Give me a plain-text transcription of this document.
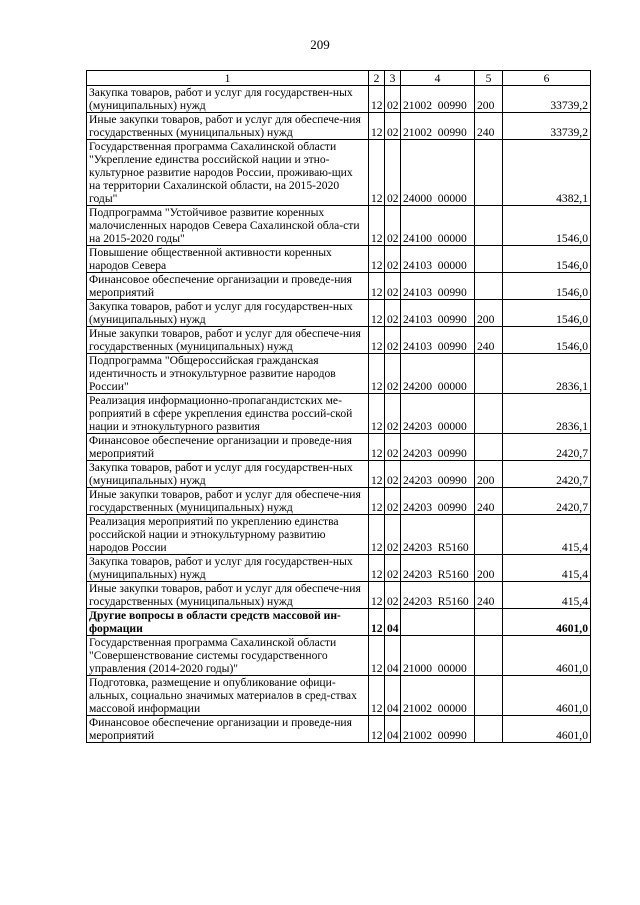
209
1	2	3	4	5	6
Закупка товаров, работ и услуг для государствен-ных (муниципальных) нужд	12	02	21002  00990	200	33739,2
Иные закупки товаров, работ и услуг для обеспече-ния государственных (муниципальных) нужд	12	02	21002  00990	240	33739,2
Государственная программа Сахалинской области "Укрепление единства российской нации и этно-культурное развитие народов России, проживаю-щих на территории Сахалинской области, на 2015-2020 годы"	12	02	24000  00000		4382,1
Подпрограмма "Устойчивое развитие коренных малочисленных народов Севера Сахалинской обла-сти на 2015-2020 годы"	12	02	24100  00000		1546,0
Повышение общественной активности коренных народов Севера	12	02	24103  00000		1546,0
Финансовое обеспечение организации и проведе-ния мероприятий	12	02	24103  00990		1546,0
Закупка товаров, работ и услуг для государствен-ных (муниципальных) нужд	12	02	24103  00990	200	1546,0
Иные закупки товаров, работ и услуг для обеспече-ния государственных (муниципальных) нужд	12	02	24103  00990	240	1546,0
Подпрограмма "Общероссийская гражданская идентичность и этнокультурное развитие народов России"	12	02	24200  00000		2836,1
Реализация информационно-пропагандистских ме-роприятий в сфере укрепления единства россий-ской нации и этнокультурного развития	12	02	24203  00000		2836,1
Финансовое обеспечение организации и проведе-ния мероприятий	12	02	24203  00990		2420,7
Закупка товаров, работ и услуг для государствен-ных (муниципальных) нужд	12	02	24203  00990	200	2420,7
Иные закупки товаров, работ и услуг для обеспече-ния государственных (муниципальных) нужд	12	02	24203  00990	240	2420,7
Реализация мероприятий по укреплению единства российской нации и этнокультурному развитию народов России	12	02	24203  R5160		415,4
Закупка товаров, работ и услуг для государствен-ных (муниципальных) нужд	12	02	24203  R5160	200	415,4
Иные закупки товаров, работ и услуг для обеспече-ния государственных (муниципальных) нужд	12	02	24203  R5160	240	415,4
Другие вопросы в области средств массовой ин-формации	12	04			4601,0
Государственная программа Сахалинской области "Совершенствование системы государственного управления (2014-2020 годы)"	12	04	21000  00000		4601,0
Подготовка, размещение и опубликование офици-альных, социально значимых материалов в сред-ствах массовой информации	12	04	21002  00000		4601,0
Финансовое обеспечение организации и проведе-ния мероприятий	12	04	21002  00990		4601,0
